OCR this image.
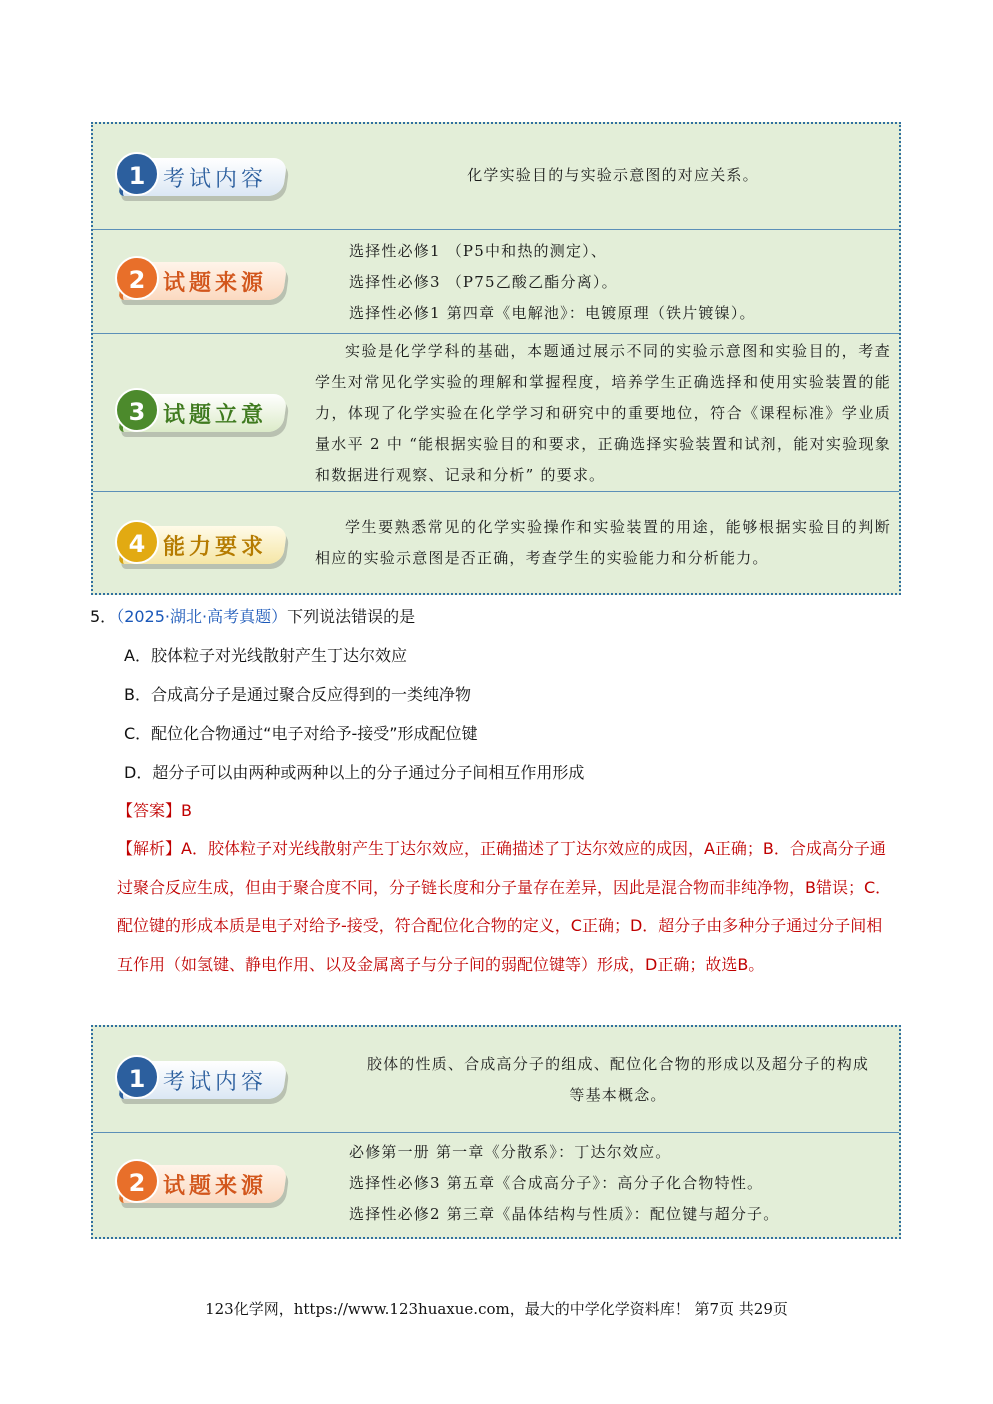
1 考试内容	化学实验目的与实验示意图的对应关系。

2 试题来源

选择性必修1 （P5中和热的测定）、

选择性必修3 （P75乙酸乙酯分离）。

选择性必修1 第四章《电解池》：电镀原理（铁片镀镍）。

3 试题立意

实验是化学学科的基础，本题通过展示不同的实验示意图和实验目的，考查学生对常见化学实验的理解和掌握程度，培养学生正确选择和使用实验装置的能力，体现了化学实验在化学学习和研究中的重要地位，符合《课程标准》学业质量水平 2 中 “能根据实验目的和要求，正确选择实验装置和试剂，能对实验现象和数据进行观察、记录和分析” 的要求。

4 能力要求

学生要熟悉常见的化学实验操作和实验装置的用途，能够根据实验目的判断相应的实验示意图是否正确，考查学生的实验能力和分析能力。

5．（2025·湖北·高考真题）下列说法错误的是
A．胶体粒子对光线散射产生丁达尔效应
B．合成高分子是通过聚合反应得到的一类纯净物
C．配位化合物通过“电子对给予-接受”形成配位键
D．超分子可以由两种或两种以上的分子通过分子间相互作用形成
【答案】B
【解析】A．胶体粒子对光线散射产生丁达尔效应，正确描述了丁达尔效应的成因，A正确；B．合成高分子通过聚合反应生成，但由于聚合度不同，分子链长度和分子量存在差异，因此是混合物而非纯净物，B错误；C．配位键的形成本质是电子对给予-接受，符合配位化合物的定义，C正确；D．超分子由多种分子通过分子间相互作用（如氢键、静电作用、以及金属离子与分子间的弱配位键等）形成，D正确；故选B。
1 考试内容

胶体的性质、合成高分子的组成、配位化合物的形成以及超分子的构成

等基本概念。

2 试题来源

必修第一册 第一章《分散系》：丁达尔效应。

选择性必修3 第五章《合成高分子》：高分子化合物特性。

选择性必修2 第三章《晶体结构与性质》：配位键与超分子。

123化学网，https://www.123huaxue.com，最大的中学化学资料库！ 第7页 共29页
